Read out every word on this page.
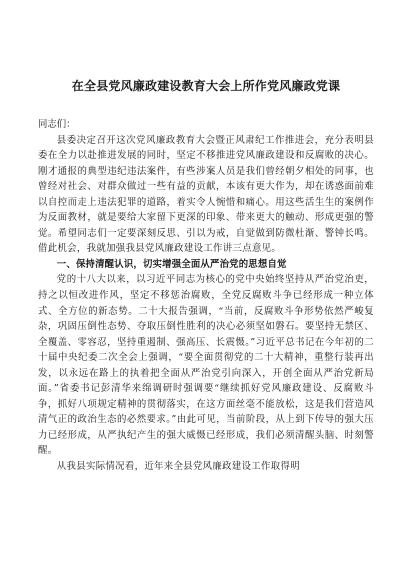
在全县党风廉政建设教育大会上所作党风廉政党课

同志们：

县委决定召开这次党风廉政教育大会暨正风肃纪工作推进会，充分表明县委在全力以赴推进发展的同时，坚定不移推进党风廉政建设和反腐败的决心。刚才通报的典型违纪违法案件，有些涉案人员是我们曾经朝夕相处的同事，也曾经对社会、对群众做过一些有益的贡献，本该有更大作为，却在诱惑面前难以自控而走上违法犯罪的道路，着实令人惋惜和痛心。用这些活生生的案例作为反面教材，就是要给大家留下更深的印象、带来更大的触动、形成更强的警觉。希望同志们一定要深刻反思、引以为戒，自觉做到防微杜渐、警钟长鸣。借此机会，我就加强我县党风廉政建设工作讲三点意见。

一、保持清醒认识，切实增强全面从严治党的思想自觉

党的十八大以来，以习近平同志为核心的党中央始终坚持从严治党治吏，持之以恒改进作风，坚定不移惩治腐败，全党反腐败斗争已经形成一种立体式、全方位的新态势。二十大报告强调，“当前，反腐败斗争形势依然严峻复杂，巩固压倒性态势、夺取压倒性胜利的决心必须坚如磐石。要坚持无禁区、全覆盖、零容忍，坚持重遏制、强高压、长震慑。”习近平总书记在今年初的二十届中央纪委二次全会上强调，“要全面贯彻党的二十大精神，重整行装再出发，以永远在路上的执着把全面从严治党引向深入，开创全面从严治党新局面。”省委书记彭清华来绵调研时强调要“继续抓好党风廉政建设、反腐败斗争，抓好八项规定精神的贯彻落实，在这方面丝毫不能放松，这是我们营造风清气正的政治生态的必然要求。”由此可见，当前阶段，从上到下传导的强大压力已经形成，从严执纪产生的强大威慑已经形成，我们必须清醒头脑、时刻警醒。

从我县实际情况看，近年来全县党风廉政建设工作取得明
